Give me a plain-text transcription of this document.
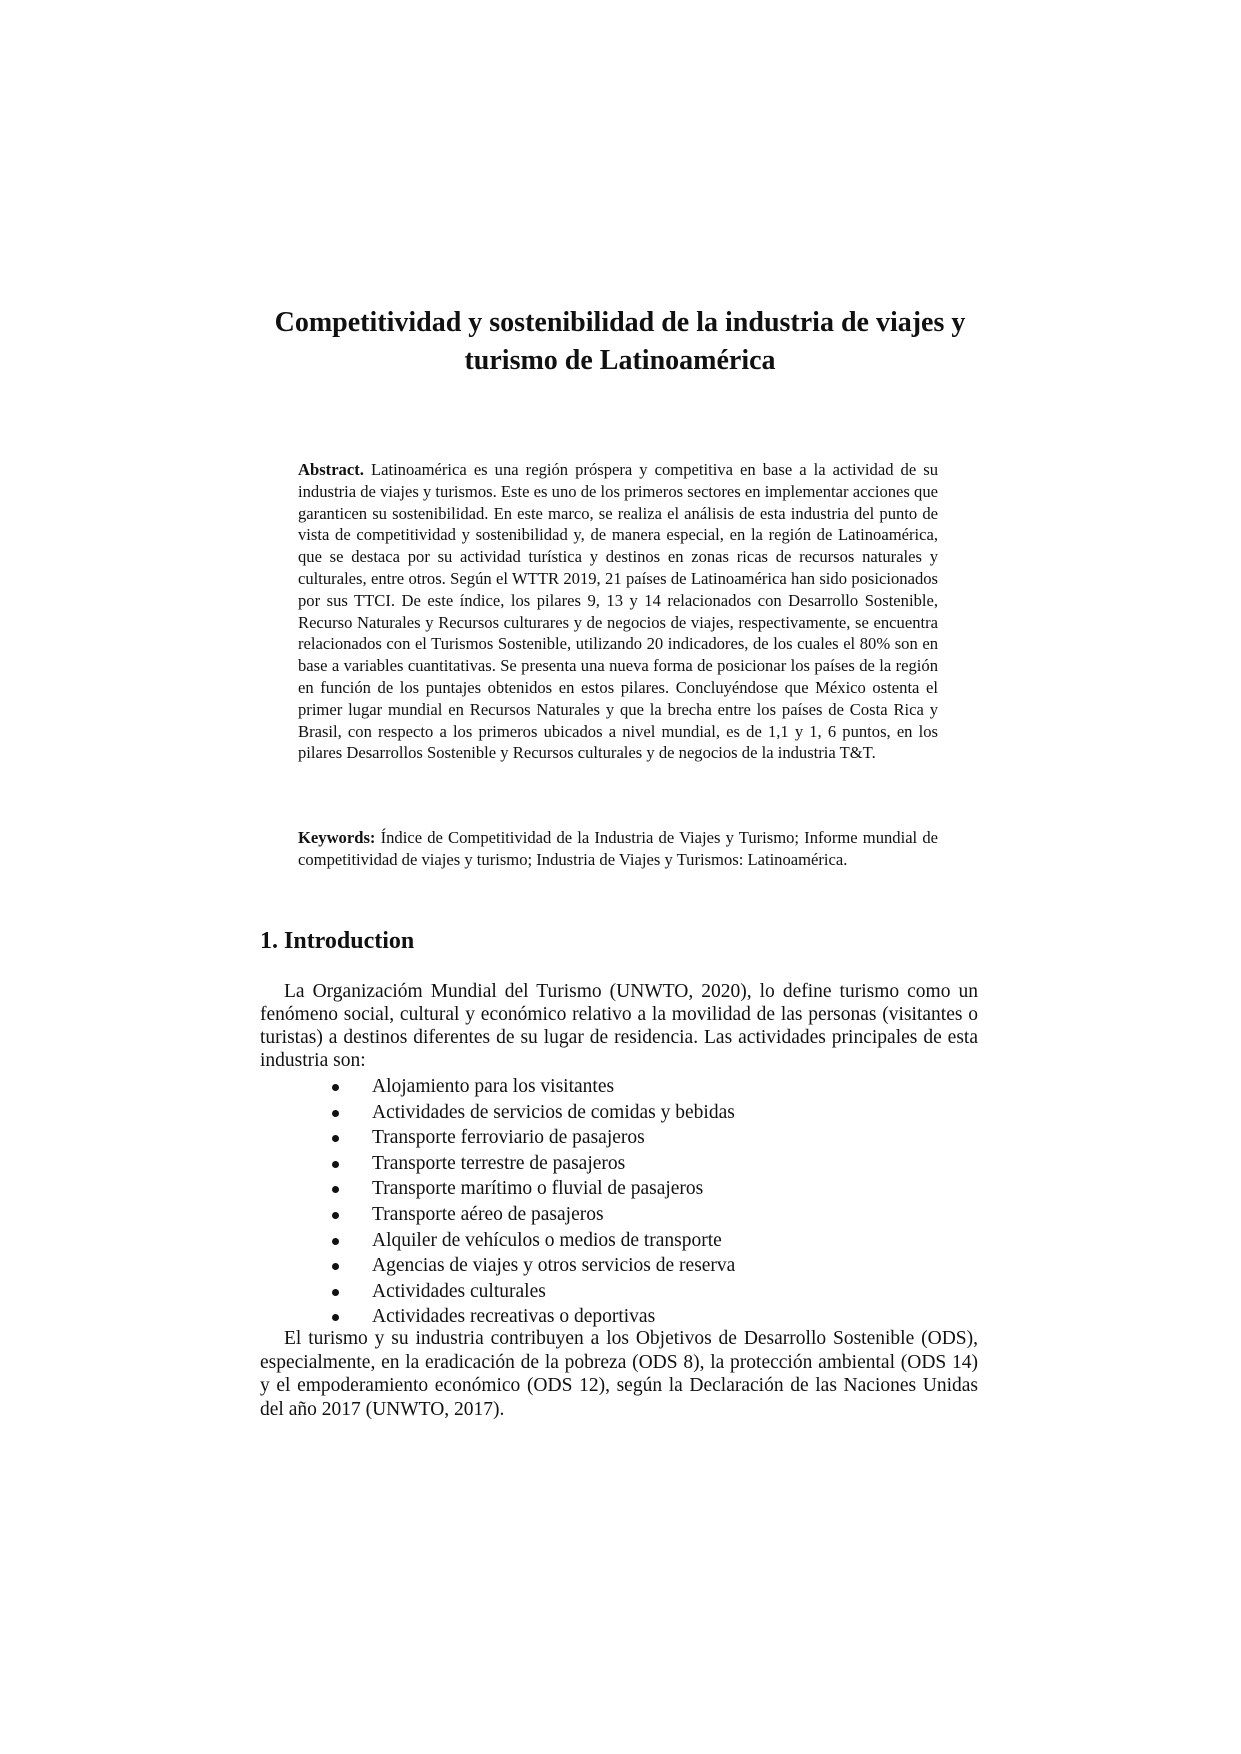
Competitividad y sostenibilidad de la industria de viajes y turismo de Latinoamérica

Abstract. Latinoamérica es una región próspera y competitiva en base a la actividad de su industria de viajes y turismos. Este es uno de los primeros sectores en implementar acciones que garanticen su sostenibilidad. En este marco, se realiza el análisis de esta industria del punto de vista de competitividad y sostenibilidad y, de manera especial, en la región de Latinoamérica, que se destaca por su actividad turística y destinos en zonas ricas de recursos naturales y culturales, entre otros. Según el WTTR 2019, 21 países de Latinoamérica han sido posicionados por sus TTCI. De este índice, los pilares 9, 13 y 14 relacionados con Desarrollo Sostenible, Recurso Naturales y Recursos culturares y de negocios de viajes, respectivamente, se encuentra relacionados con el Turismos Sostenible, utilizando 20 indicadores, de los cuales el 80% son en base a variables cuantitativas. Se presenta una nueva forma de posicionar los países de la región en función de los puntajes obtenidos en estos pilares. Concluyéndose que México ostenta el primer lugar mundial en Recursos Naturales y que la brecha entre los países de Costa Rica y Brasil, con respecto a los primeros ubicados a nivel mundial, es de 1,1 y 1, 6 puntos, en los pilares Desarrollos Sostenible y Recursos culturales y de negocios de la industria T&T.

Keywords: Índice de Competitividad de la Industria de Viajes y Turismo; Informe mundial de competitividad de viajes y turismo; Industria de Viajes y Turismos: Latinoamérica.

1. Introduction

La Organizacióm Mundial del Turismo (UNWTO, 2020), lo define turismo como un fenómeno social, cultural y económico relativo a la movilidad de las personas (visitantes o turistas) a destinos diferentes de su lugar de residencia. Las actividades principales de esta industria son:

Alojamiento para los visitantes
Actividades de servicios de comidas y bebidas
Transporte ferroviario de pasajeros
Transporte terrestre de pasajeros
Transporte marítimo o fluvial de pasajeros
Transporte aéreo de pasajeros
Alquiler de vehículos o medios de transporte
Agencias de viajes y otros servicios de reserva
Actividades culturales
Actividades recreativas o deportivas

El turismo y su industria contribuyen a los Objetivos de Desarrollo Sostenible (ODS), especialmente, en la eradicación de la pobreza (ODS 8), la protección ambiental (ODS 14) y el empoderamiento económico (ODS 12), según la Declaración de las Naciones Unidas del año 2017 (UNWTO, 2017).
